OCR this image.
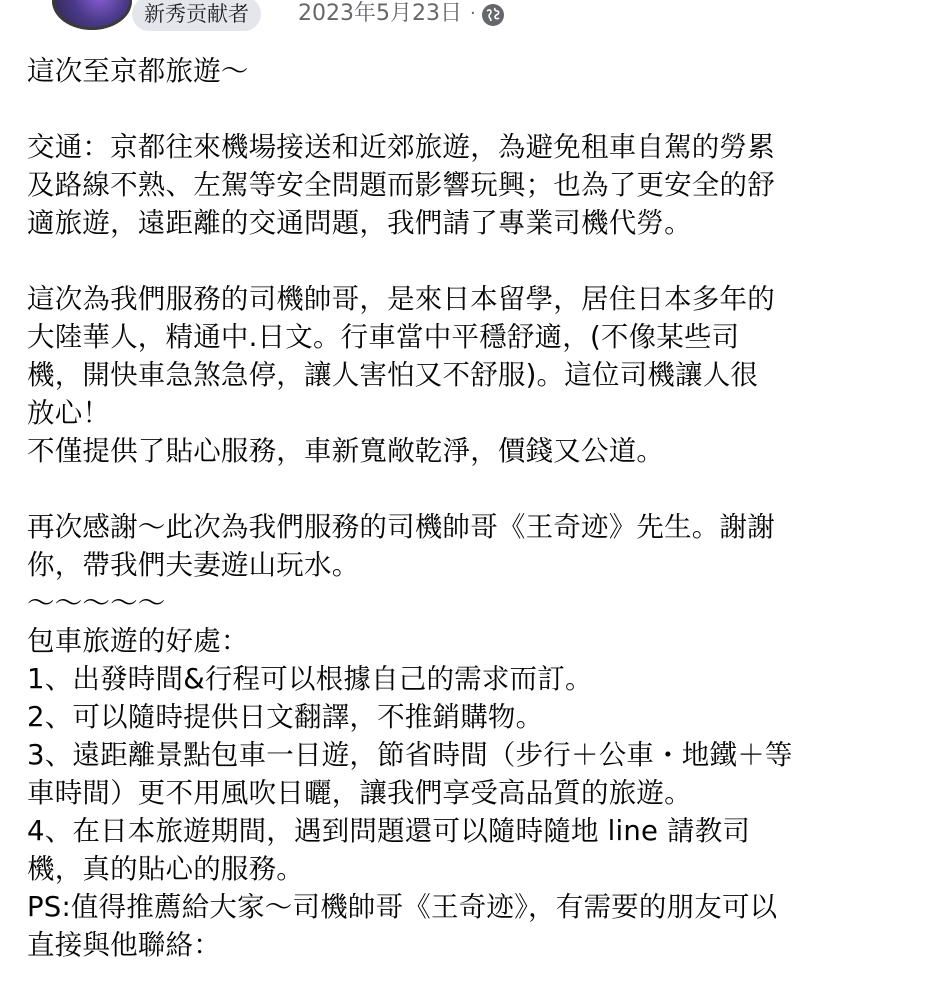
新秀贡献者	2023年5月23日 ·

這次至京都旅遊～

交通：京都往來機場接送和近郊旅遊，為避免租車自駕的勞累

及路線不熟、左駕等安全問題而影響玩興；也為了更安全的舒

適旅遊，遠距離的交通問題，我們請了專業司機代勞。

這次為我們服務的司機帥哥，是來日本留學，居住日本多年的

大陸華人，精通中.日文。行車當中平穩舒適，(不像某些司

機，開快車急煞急停，讓人害怕又不舒服)。這位司機讓人很

放心！

不僅提供了貼心服務，車新寬敞乾淨，價錢又公道。

再次感謝～此次為我們服務的司機帥哥《王奇迹》先生。謝謝

你，帶我們夫妻遊山玩水。

～～～～～

包車旅遊的好處：

1、出發時間&行程可以根據自己的需求而訂。

2、可以隨時提供日文翻譯，不推銷購物。

3、遠距離景點包車一日遊，節省時間（步行＋公車・地鐵＋等

車時間）更不用風吹日曬，讓我們享受高品質的旅遊。

4、在日本旅遊期間，遇到問題還可以隨時隨地 line 請教司

機，真的貼心的服務。

PS:值得推薦給大家～司機帥哥《王奇迹》，有需要的朋友可以

直接與他聯絡：
